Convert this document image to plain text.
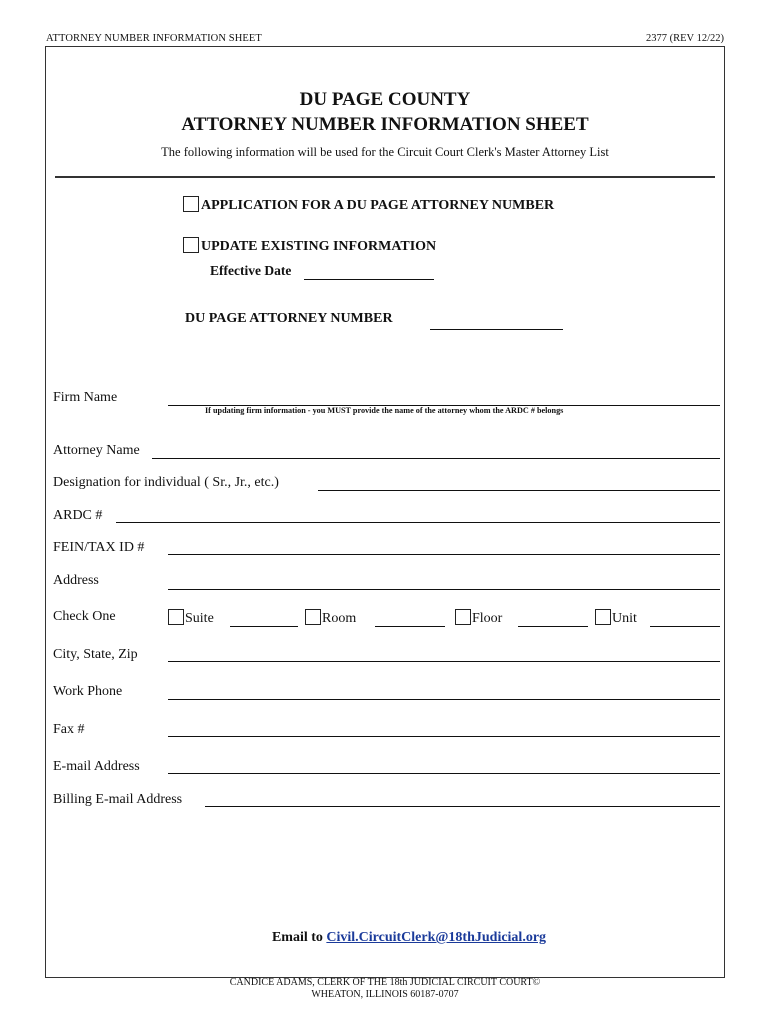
ATTORNEY NUMBER INFORMATION SHEET	2377 (REV 12/22)
DU PAGE COUNTY
ATTORNEY NUMBER INFORMATION SHEET
The following information will be used for the Circuit Court Clerk's Master Attorney List
APPLICATION FOR A DU PAGE ATTORNEY NUMBER
UPDATE EXISTING INFORMATION
Effective Date
DU PAGE ATTORNEY NUMBER
Firm Name
If updating firm information - you MUST provide the name of the attorney whom the ARDC # belongs
Attorney Name
Designation for individual ( Sr., Jr., etc.)
ARDC #
FEIN/TAX ID #
Address
Check One	Suite	Room	Floor	Unit
City, State, Zip
Work Phone
Fax #
E-mail Address
Billing E-mail Address
Email to Civil.CircuitClerk@18thJudicial.org
CANDICE ADAMS, CLERK OF THE 18th JUDICIAL CIRCUIT COURT©
WHEATON, ILLINOIS 60187-0707
